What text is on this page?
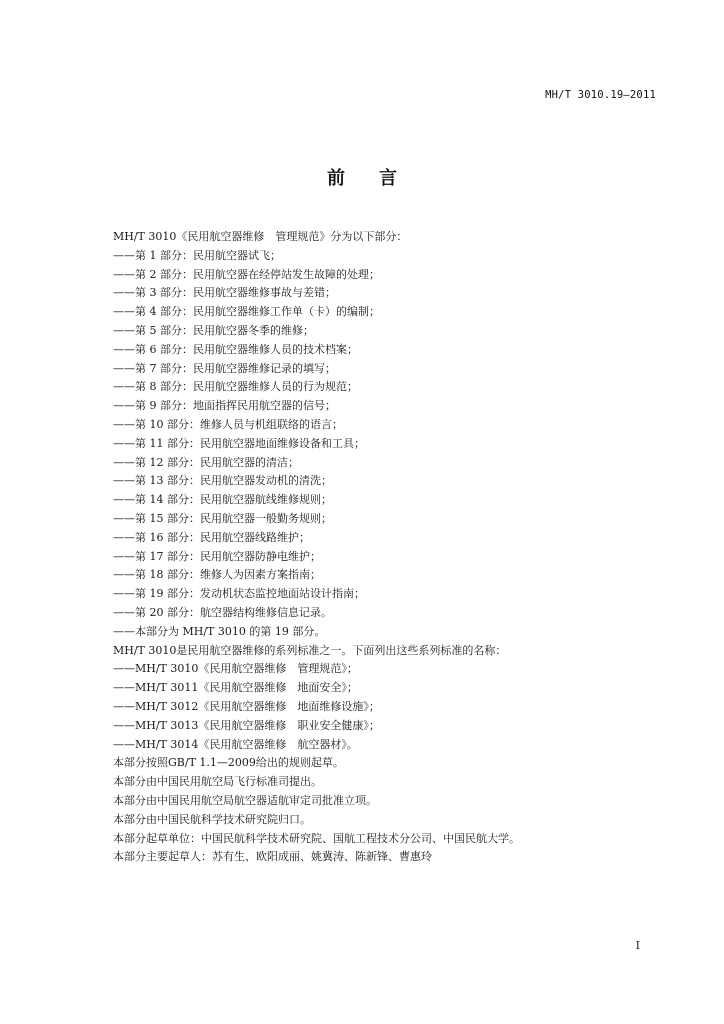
MH/T 3010.19—2011
前言
MH/T 3010《民用航空器维修　管理规范》分为以下部分：
——第 1 部分：民用航空器试飞；
——第 2 部分：民用航空器在经停站发生故障的处理；
——第 3 部分：民用航空器维修事故与差错；
——第 4 部分：民用航空器维修工作单（卡）的编制；
——第 5 部分：民用航空器冬季的维修；
——第 6 部分：民用航空器维修人员的技术档案；
——第 7 部分：民用航空器维修记录的填写；
——第 8 部分：民用航空器维修人员的行为规范；
——第 9 部分：地面指挥民用航空器的信号；
——第 10 部分：维修人员与机组联络的语言；
——第 11 部分：民用航空器地面维修设备和工具；
——第 12 部分：民用航空器的清洁；
——第 13 部分：民用航空器发动机的清洗；
——第 14 部分：民用航空器航线维修规则；
——第 15 部分：民用航空器一般勤务规则；
——第 16 部分：民用航空器线路维护；
——第 17 部分：民用航空器防静电维护；
——第 18 部分：维修人为因素方案指南；
——第 19 部分：发动机状态监控地面站设计指南；
——第 20 部分：航空器结构维修信息记录。
——本部分为 MH/T 3010 的第 19 部分。
MH/T 3010是民用航空器维修的系列标准之一。下面列出这些系列标准的名称：
——MH/T 3010《民用航空器维修　管理规范》；
——MH/T 3011《民用航空器维修　地面安全》；
——MH/T 3012《民用航空器维修　地面维修设施》；
——MH/T 3013《民用航空器维修　职业安全健康》；
——MH/T 3014《民用航空器维修　航空器材》。
本部分按照GB/T 1.1—2009给出的规则起草。
本部分由中国民用航空局飞行标准司提出。
本部分由中国民用航空局航空器适航审定司批准立项。
本部分由中国民航科学技术研究院归口。
本部分起草单位：中国民航科学技术研究院、国航工程技术分公司、中国民航大学。
本部分主要起草人：苏有生、欧阳成丽、姚冀涛、陈新锋、曹惠玲
I
